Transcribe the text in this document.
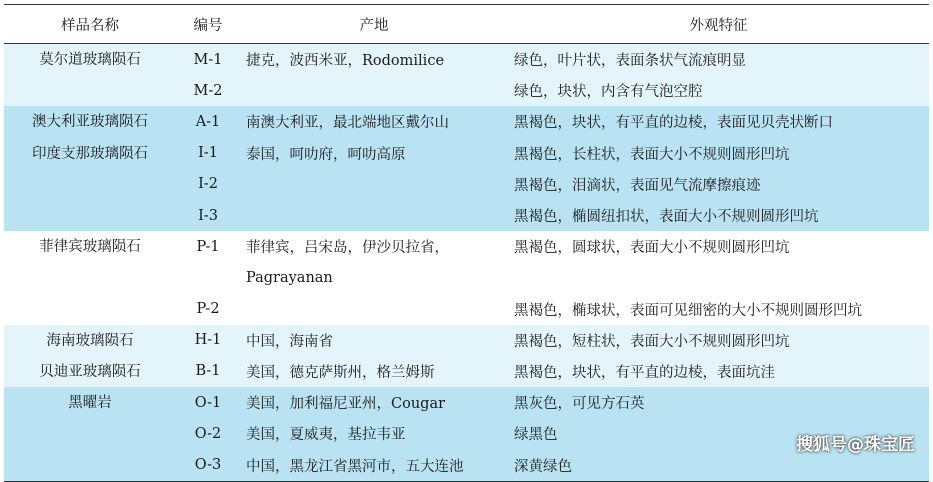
样品名称	编号	产地	外观特征
莫尔道玻璃陨石	M-1	捷克，波西米亚，Rodomilice	绿色，叶片状，表面条状气流痕明显
	M-2		绿色，块状，内含有气泡空腔
澳大利亚玻璃陨石	A-1	南澳大利亚，最北端地区戴尔山	黑褐色，块状，有平直的边棱，表面见贝壳状断口
印度支那玻璃陨石	I-1	泰国，呵叻府，呵叻高原	黑褐色，长柱状，表面大小不规则圆形凹坑
	I-2		黑褐色，泪滴状，表面见气流摩擦痕迹
	I-3		黑褐色，椭圆纽扣状，表面大小不规则圆形凹坑
菲律宾玻璃陨石	P-1	菲律宾，吕宋岛，伊沙贝拉省，	黑褐色，圆球状，表面大小不规则圆形凹坑
		Pagrayanan	
	P-2		黑褐色，椭球状，表面可见细密的大小不规则圆形凹坑
海南玻璃陨石	H-1	中国，海南省	黑褐色，短柱状，表面大小不规则圆形凹坑
贝迪亚玻璃陨石	B-1	美国，德克萨斯州，格兰姆斯	黑褐色，块状，有平直的边棱，表面坑洼
黑曜岩	O-1	美国，加利福尼亚州，Cougar	黑灰色，可见方石英
	O-2	美国，夏威夷，基拉韦亚	绿黑色
	O-3	中国，黑龙江省黑河市，五大连池	深黄绿色
搜狐号@珠宝匠
